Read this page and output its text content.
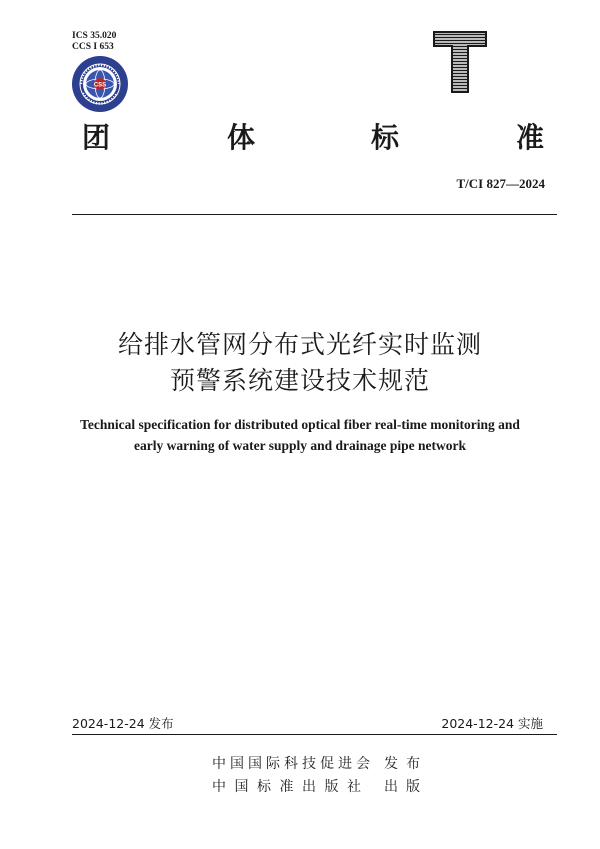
ICS 35.020
CCS I 653
CSS
团	体	标	准
T/CI 827—2024
给排水管网分布式光纤实时监测
预警系统建设技术规范
Technical specification for distributed optical fiber real-time monitoring and
early warning of water supply and drainage pipe network
2024-12-24 发布	2024-12-24 实施
中国国际科技促进会 发布
中国标准出版社 出版
